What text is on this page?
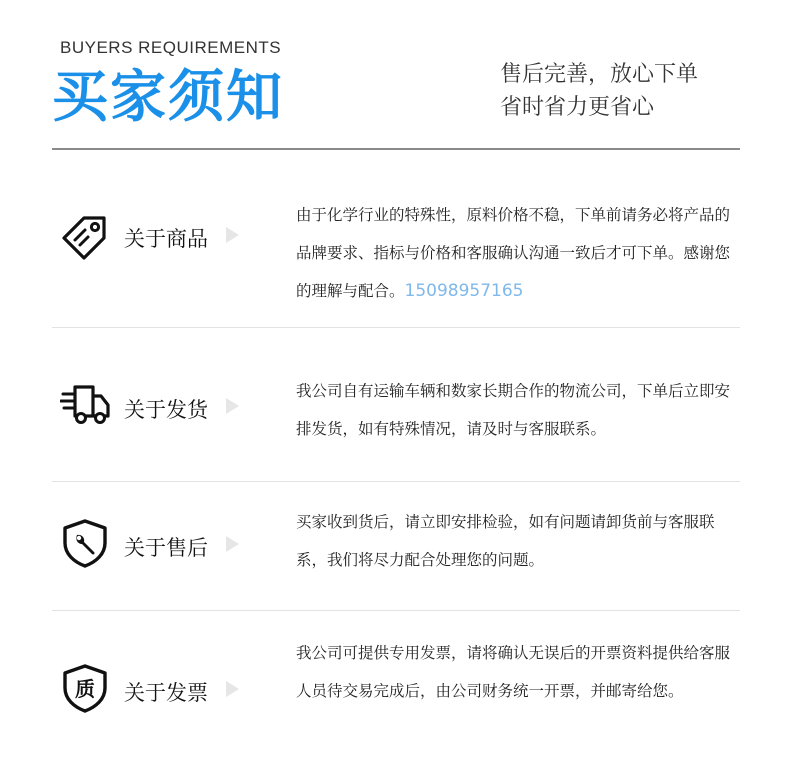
BUYERS REQUIREMENTS
买家须知	售后完善，放心下单
省时省力更省心
关于商品
由于化学行业的特殊性，原料价格不稳，下单前请务必将产品的品牌要求、指标与价格和客服确认沟通一致后才可下单。感谢您的理解与配合。15098957165
关于发货
我公司自有运输车辆和数家长期合作的物流公司，下单后立即安排发货，如有特殊情况，请及时与客服联系。
关于售后
买家收到货后，请立即安排检验，如有问题请卸货前与客服联系，我们将尽力配合处理您的问题。
质 关于发票
我公司可提供专用发票，请将确认无误后的开票资料提供给客服人员待交易完成后，由公司财务统一开票，并邮寄给您。
